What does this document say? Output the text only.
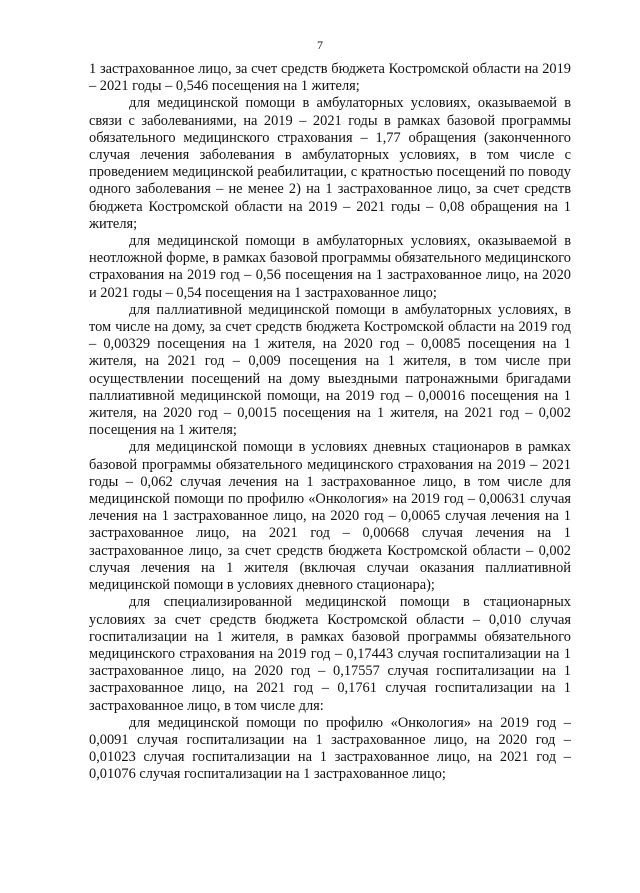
7

1 застрахованное лицо, за счет средств бюджета Костромской области на 2019 – 2021 годы – 0,546 посещения на 1 жителя;

для медицинской помощи в амбулаторных условиях, оказываемой в связи с заболеваниями, на 2019 – 2021 годы в рамках базовой программы обязательного медицинского страхования – 1,77 обращения (законченного случая лечения заболевания в амбулаторных условиях, в том числе с проведением медицинской реабилитации, с кратностью посещений по поводу одного заболевания – не менее 2) на 1 застрахованное лицо, за счет средств бюджета Костромской области на 2019 – 2021 годы – 0,08 обращения на 1 жителя;

для медицинской помощи в амбулаторных условиях, оказываемой в неотложной форме, в рамках базовой программы обязательного медицинского страхования на 2019 год – 0,56 посещения на 1 застрахованное лицо, на 2020 и 2021 годы – 0,54 посещения на 1 застрахованное лицо;

для паллиативной медицинской помощи в амбулаторных условиях, в том числе на дому, за счет средств бюджета Костромской области на 2019 год – 0,00329 посещения на 1 жителя, на 2020 год – 0,0085 посещения на 1 жителя, на 2021 год – 0,009 посещения на 1 жителя, в том числе при осуществлении посещений на дому выездными патронажными бригадами паллиативной медицинской помощи, на 2019 год – 0,00016 посещения на 1 жителя, на 2020 год – 0,0015 посещения на 1 жителя, на 2021 год – 0,002 посещения на 1 жителя;

для медицинской помощи в условиях дневных стационаров в рамках базовой программы обязательного медицинского страхования на 2019 – 2021 годы – 0,062 случая лечения на 1 застрахованное лицо, в том числе для медицинской помощи по профилю «Онкология» на 2019 год – 0,00631 случая лечения на 1 застрахованное лицо, на 2020 год – 0,0065 случая лечения на 1 застрахованное лицо, на 2021 год – 0,00668 случая лечения на 1 застрахованное лицо, за счет средств бюджета Костромской области – 0,002 случая лечения на 1 жителя (включая случаи оказания паллиативной медицинской помощи в условиях дневного стационара);

для специализированной медицинской помощи в стационарных условиях за счет средств бюджета Костромской области – 0,010 случая госпитализации на 1 жителя, в рамках базовой программы обязательного медицинского страхования на 2019 год – 0,17443 случая госпитализации на 1 застрахованное лицо, на 2020 год – 0,17557 случая госпитализации на 1 застрахованное лицо, на 2021 год – 0,1761 случая госпитализации на 1 застрахованное лицо, в том числе для:

для медицинской помощи по профилю «Онкология» на 2019 год – 0,0091 случая госпитализации на 1 застрахованное лицо, на 2020 год – 0,01023 случая госпитализации на 1 застрахованное лицо, на 2021 год – 0,01076 случая госпитализации на 1 застрахованное лицо;
